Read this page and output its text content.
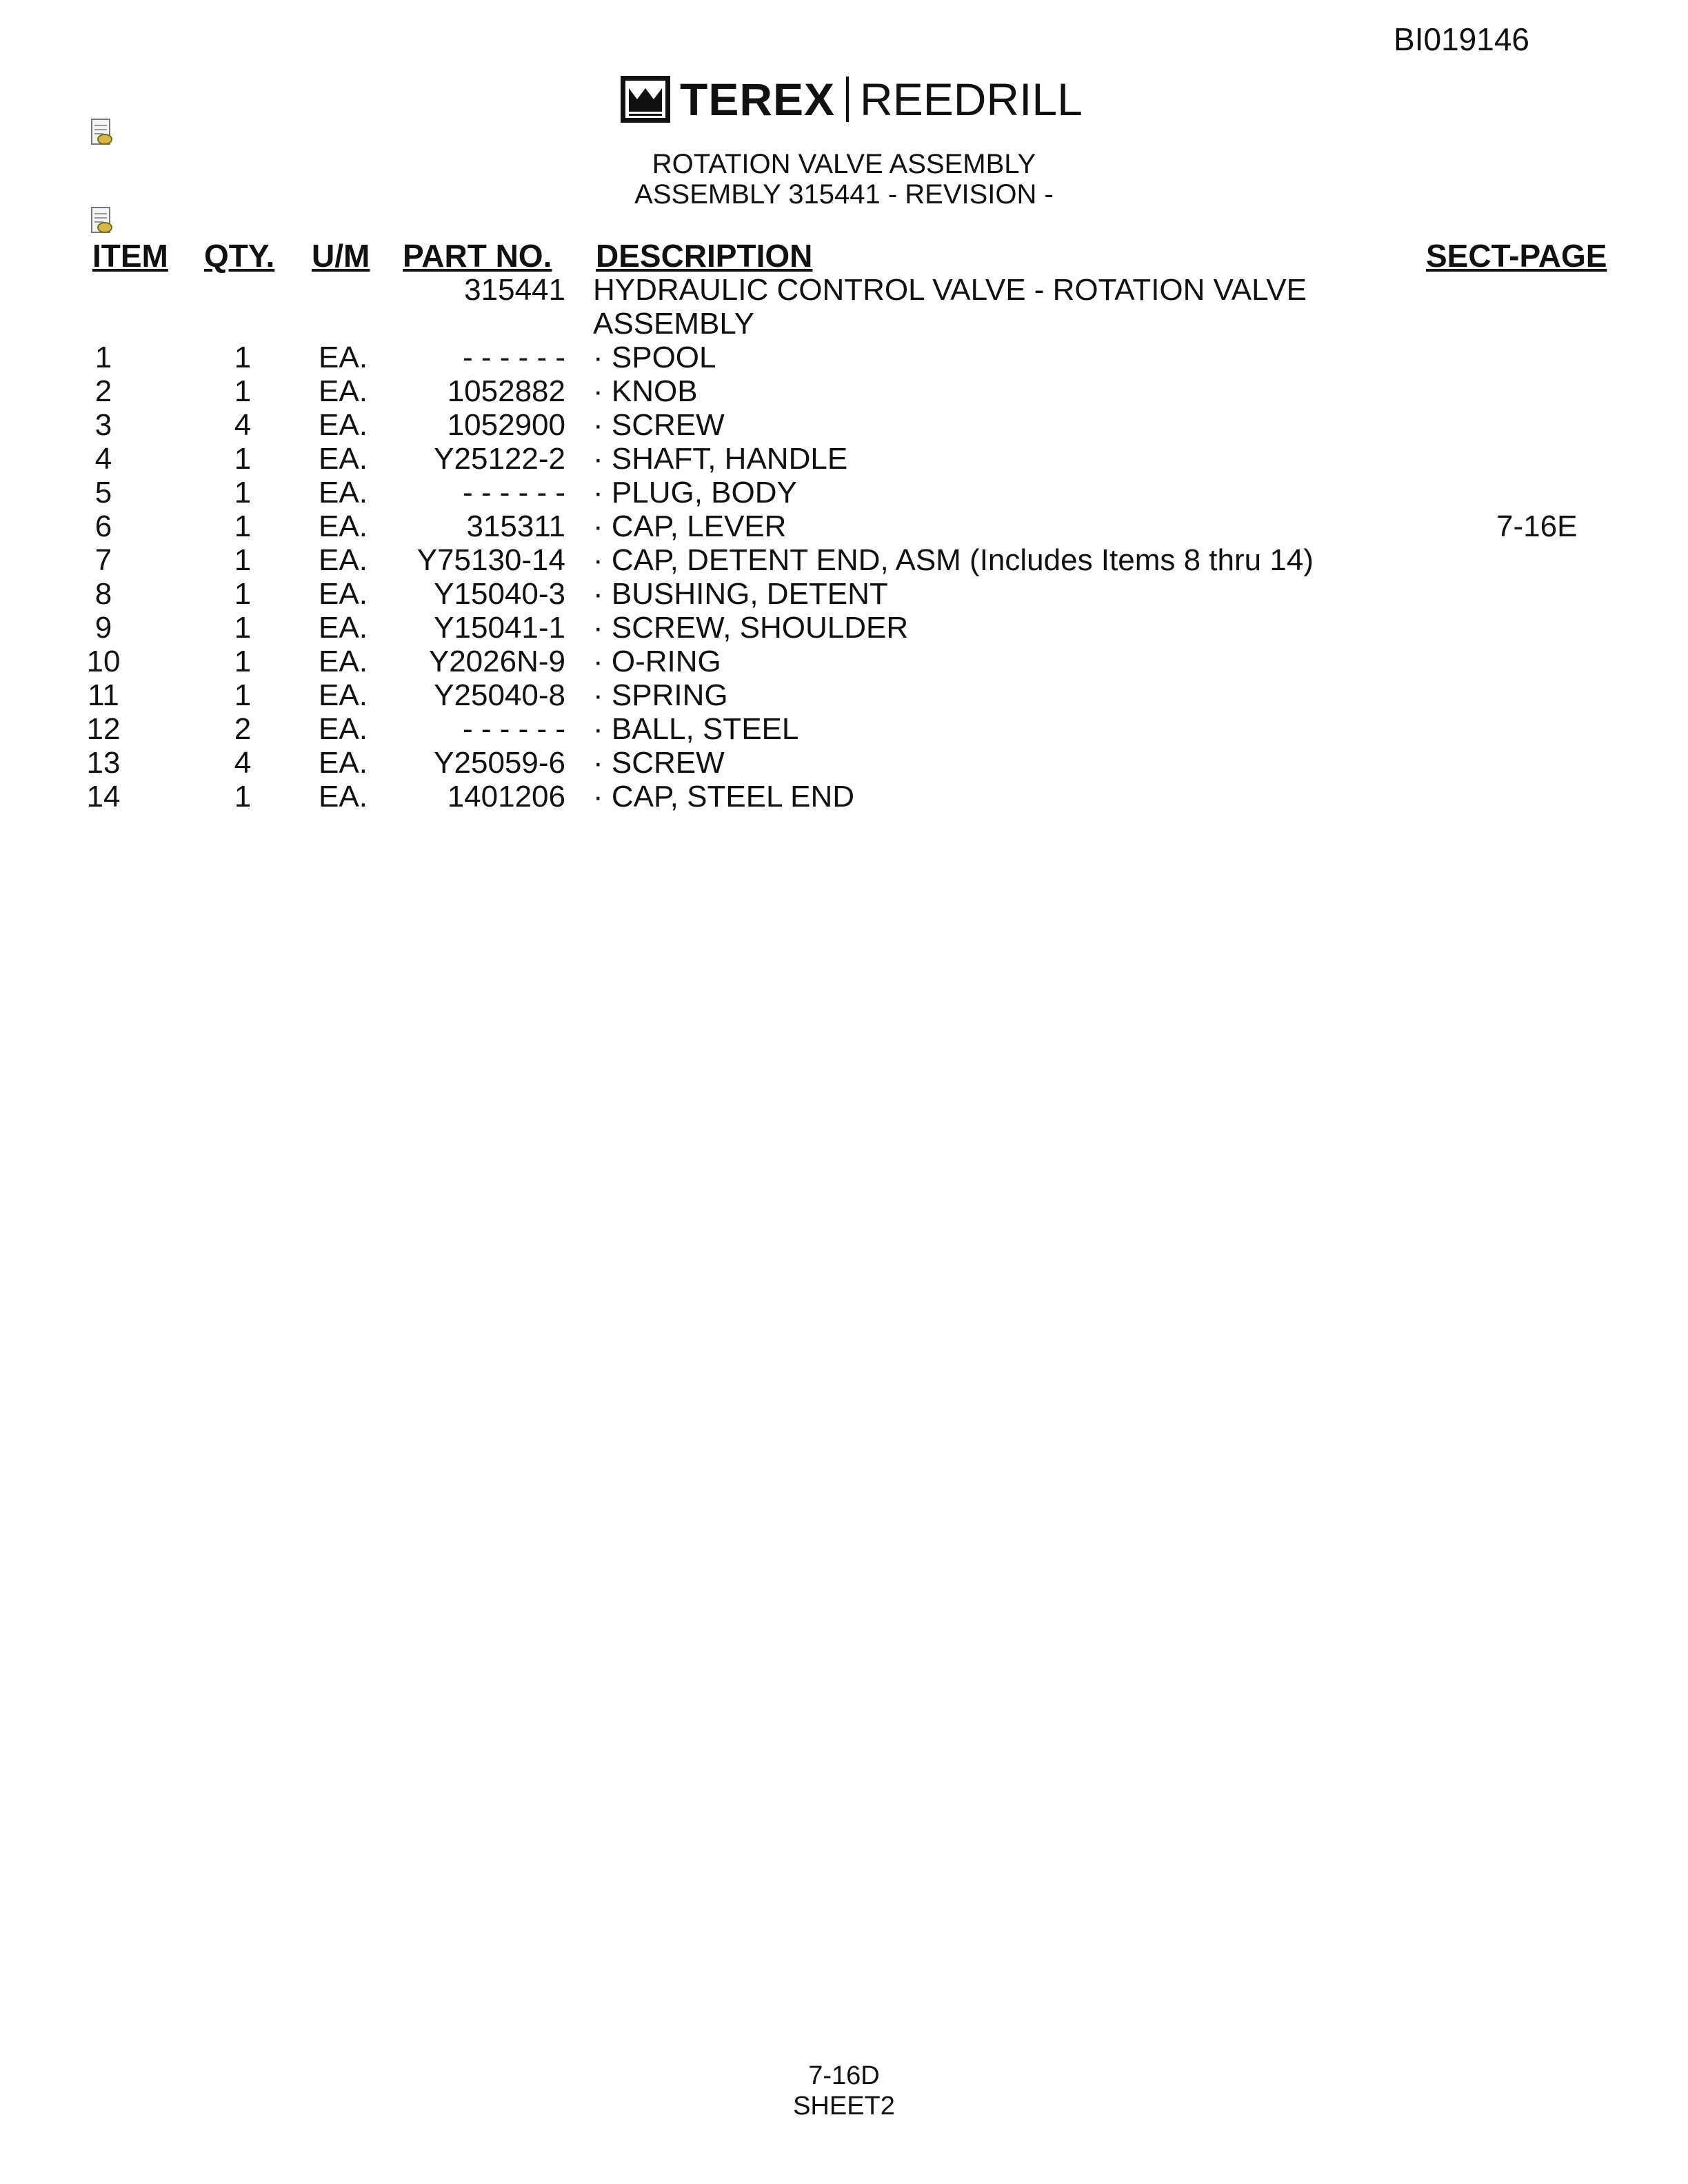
BI019146
TEREX REEDRILL
ROTATION VALVE ASSEMBLY
ASSEMBLY 315441 - REVISION -
ITEM QTY. U/M PART NO. DESCRIPTION	SECT-PAGE
315441 HYDRAULIC CONTROL VALVE - ROTATION VALVE
ASSEMBLY
1	1	EA.	- - - - - - · SPOOL
2	1	EA.	1052882 · KNOB
3	4	EA.	1052900 · SCREW
4	1	EA. Y25122-2 · SHAFT, HANDLE
5	1	EA.	- - - - - - · PLUG, BODY
6	1	EA.	315311 · CAP, LEVER	7-16E
7	1	EA. Y75130-14 · CAP, DETENT END, ASM (Includes Items 8 thru 14)
8	1	EA. Y15040-3 · BUSHING, DETENT
9	1	EA. Y15041-1 · SCREW, SHOULDER
10	1	EA. Y2026N-9 · O-RING
11	1	EA. Y25040-8 · SPRING
12	2	EA.	- - - - - - · BALL, STEEL
13	4	EA. Y25059-6 · SCREW
14	1	EA.	1401206 · CAP, STEEL END
7-16D
SHEET2
